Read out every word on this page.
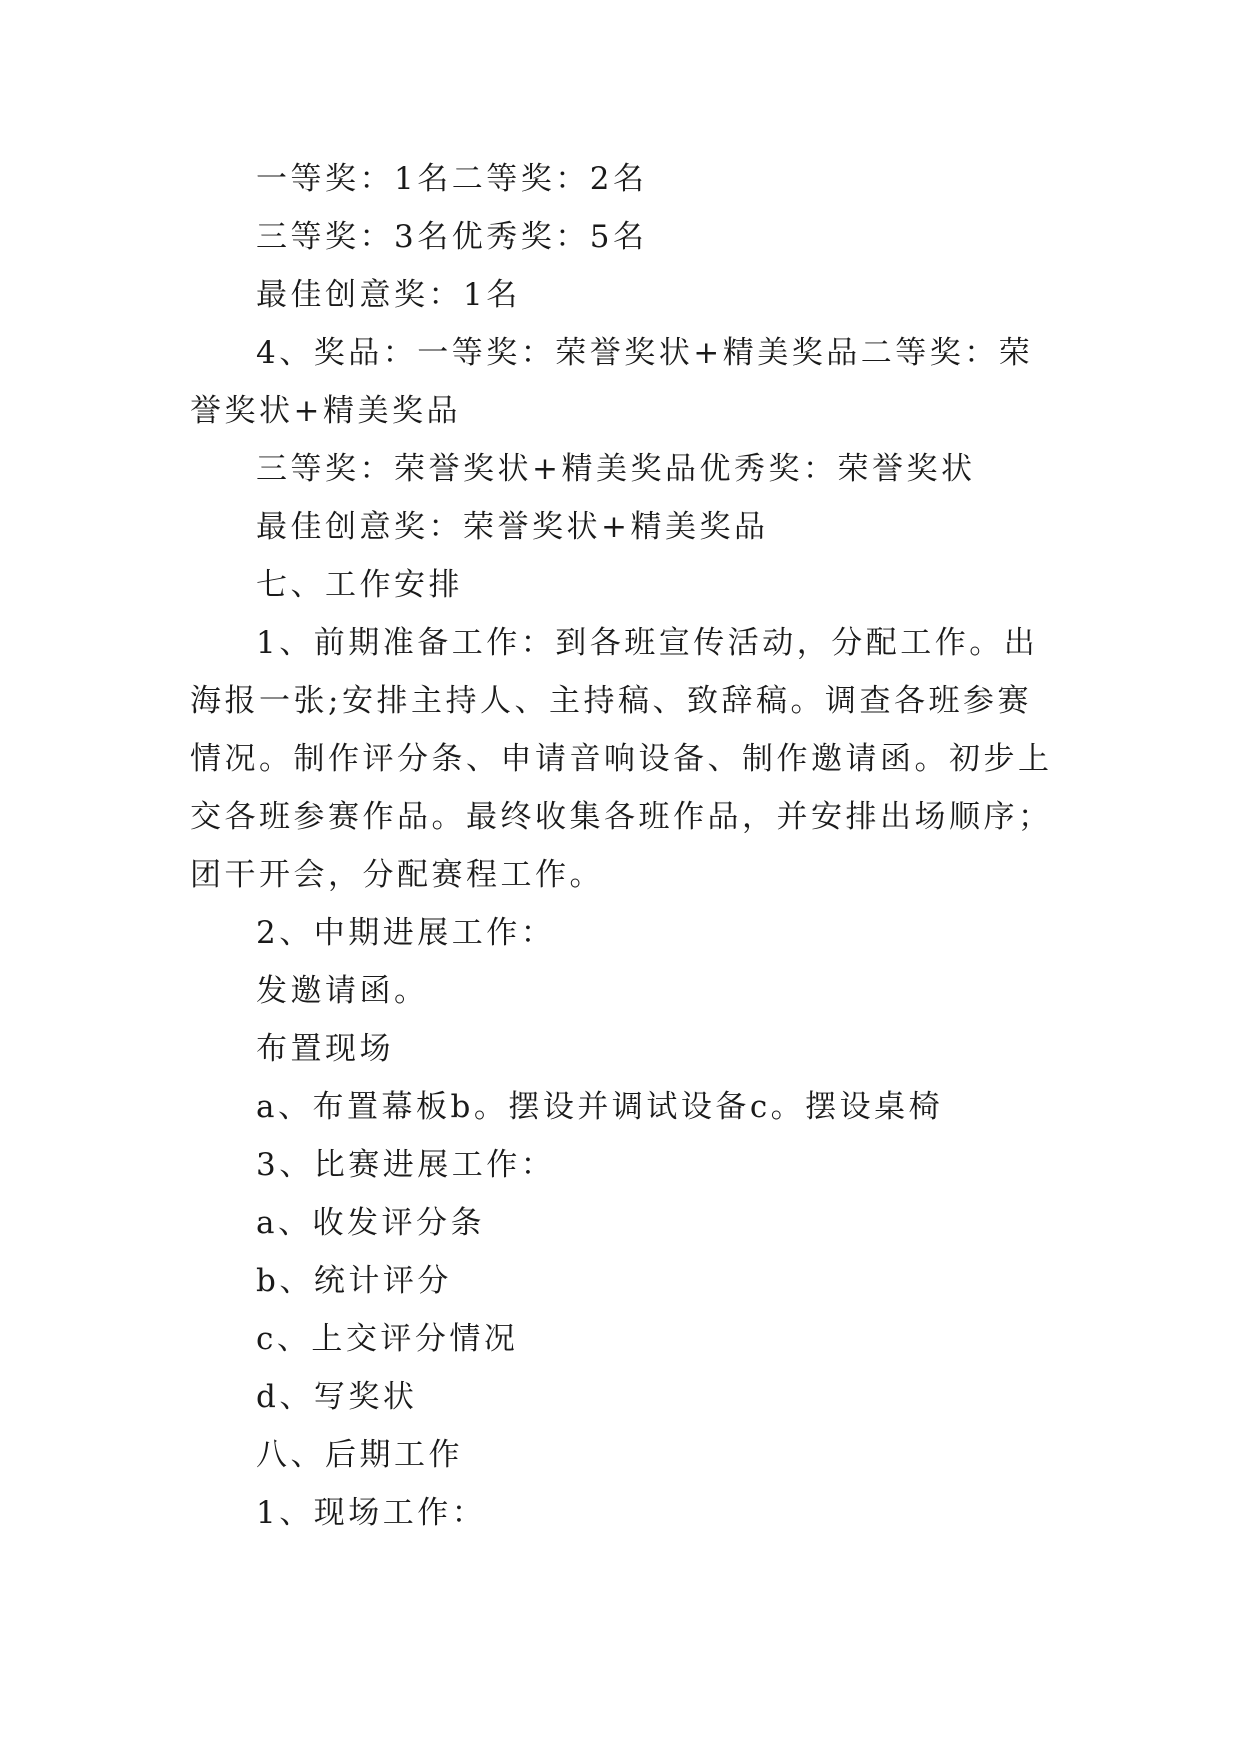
一等奖：1名二等奖：2名

三等奖：3名优秀奖：5名

最佳创意奖：1名

4、奖品：一等奖：荣誉奖状+精美奖品二等奖：荣誉奖状+精美奖品

三等奖：荣誉奖状+精美奖品优秀奖：荣誉奖状

最佳创意奖：荣誉奖状+精美奖品

七、工作安排

1、前期准备工作：到各班宣传活动，分配工作。出海报一张;安排主持人、主持稿、致辞稿。调查各班参赛情况。制作评分条、申请音响设备、制作邀请函。初步上交各班参赛作品。最终收集各班作品，并安排出场顺序；团干开会，分配赛程工作。

2、中期进展工作：

发邀请函。

布置现场

a、布置幕板b。摆设并调试设备c。摆设桌椅

3、比赛进展工作：

a、收发评分条

b、统计评分

c、上交评分情况

d、写奖状

八、后期工作

1、现场工作：
